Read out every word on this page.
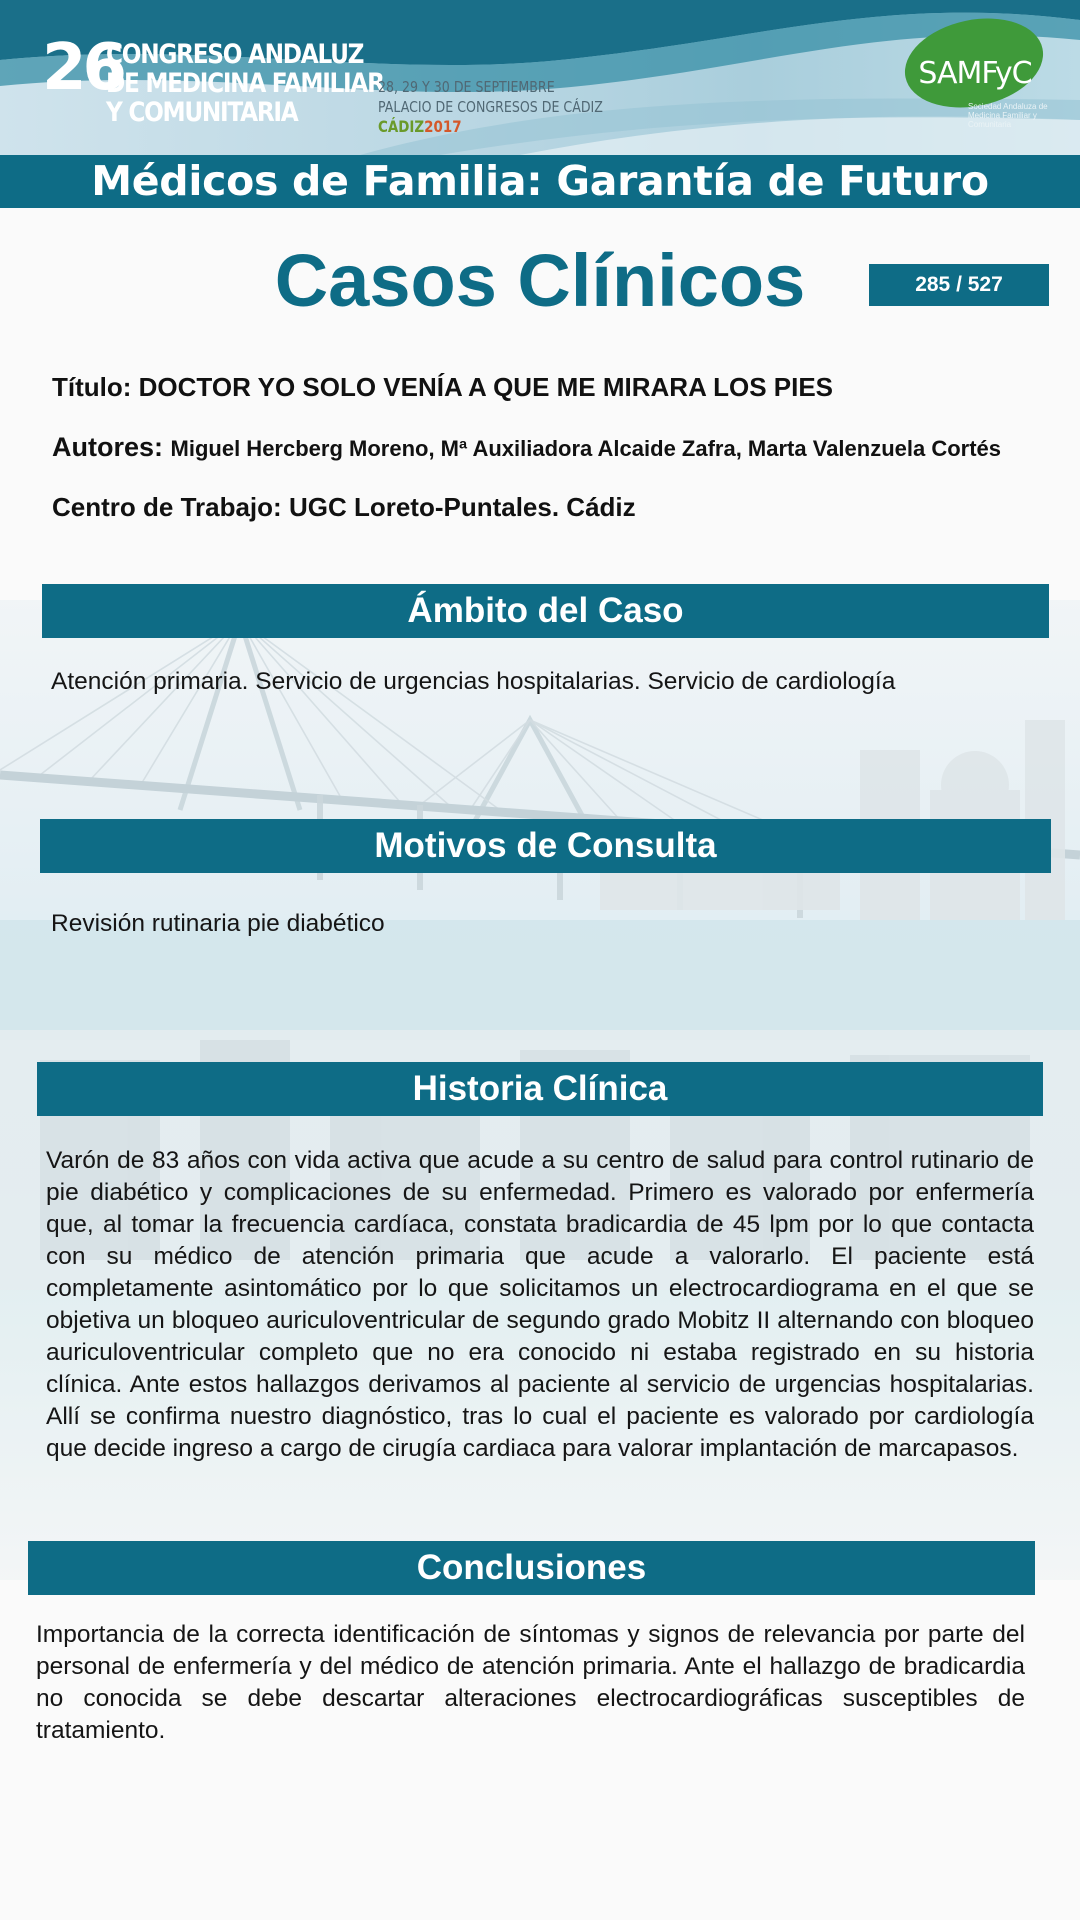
26
CONGRESO ANDALUZ
DE MEDICINA FAMILIAR
Y COMUNITARIA
28, 29 Y 30 DE SEPTIEMBRE
PALACIO DE CONGRESOS DE CÁDIZ
CÁDIZ2017
SAMFyC
Sociedad Andaluza de Medicina Familiar y Comunitaria
Médicos de Familia: Garantía de Futuro
Casos Clínicos	285 / 527
Título: DOCTOR YO SOLO VENÍA A QUE ME MIRARA LOS PIES
Autores: Miguel Hercberg Moreno, Mª Auxiliadora Alcaide Zafra, Marta Valenzuela Cortés
Centro de Trabajo: UGC Loreto-Puntales. Cádiz
Ámbito del Caso
Atención primaria. Servicio de urgencias hospitalarias. Servicio de cardiología
Motivos de Consulta
Revisión rutinaria pie diabético
Historia Clínica
Varón de 83 años con vida activa que acude a su centro de salud para control rutinario de pie diabético y complicaciones de su enfermedad. Primero es valorado por enfermería que, al tomar la frecuencia cardíaca, constata bradicardia de 45 lpm por lo que contacta con su médico de atención primaria que acude a valorarlo. El paciente está completamente asintomático por lo que solicitamos un electrocardiograma en el que se objetiva un bloqueo auriculoventricular de segundo grado Mobitz II alternando con bloqueo auriculoventricular completo que no era conocido ni estaba registrado en su historia clínica. Ante estos hallazgos derivamos al paciente al servicio de urgencias hospitalarias. Allí se confirma nuestro diagnóstico, tras lo cual el paciente es valorado por cardiología que decide ingreso a cargo de cirugía cardiaca para valorar implantación de marcapasos.
Conclusiones
Importancia de la correcta identificación de síntomas y signos de relevancia por parte del personal de enfermería y del médico de atención primaria. Ante el hallazgo de bradicardia no conocida se debe descartar alteraciones electrocardiográficas susceptibles de tratamiento.
